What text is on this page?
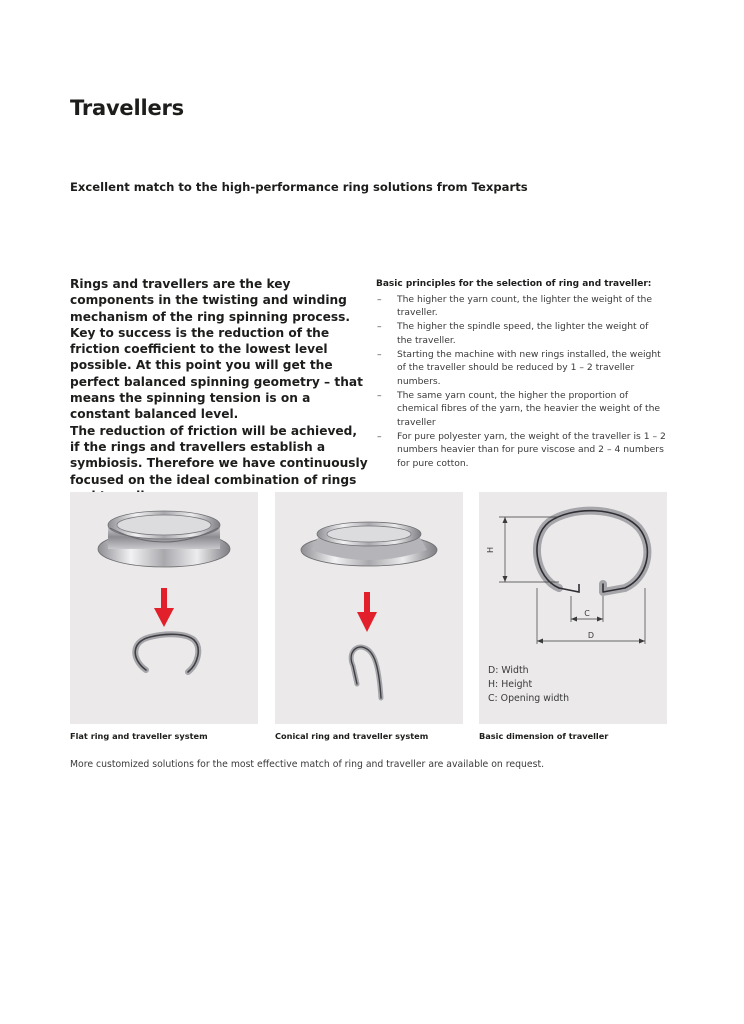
Travellers
Excellent match to the high-performance ring solutions from Texparts
Rings and travellers are the key components in the twisting and winding mechanism of the ring spinning process. Key to success is the reduction of the friction coefficient to the lowest level possible. At this point you will get the perfect balanced spinning geometry – that means the spinning tension is on a constant balanced level.
The reduction of friction will be achieved, if the rings and travellers establish a symbiosis. Therefore we have continuously focused on the ideal combination of rings
Basic principles for the selection of ring and traveller:
– The higher the yarn count, the lighter the weight of the traveller.
– The higher the spindle speed, the lighter the weight of the traveller.
– Starting the machine with new rings installed, the weight of the traveller should be reduced by 1 – 2 traveller numbers.
– The same yarn count, the higher the proportion of chemical fibres of the yarn, the heavier the weight of the traveller
– For pure polyester yarn, the weight of the traveller is 1 – 2 numbers heavier than for pure viscose and 2 – 4 numbers for pure cotton.
H
C
D
D: Width
H: Height
C: Opening width

Flat ring and traveller system	Conical ring and traveller system	Basic dimension of traveller

More customized solutions for the most effective match of ring and traveller are available on request.
